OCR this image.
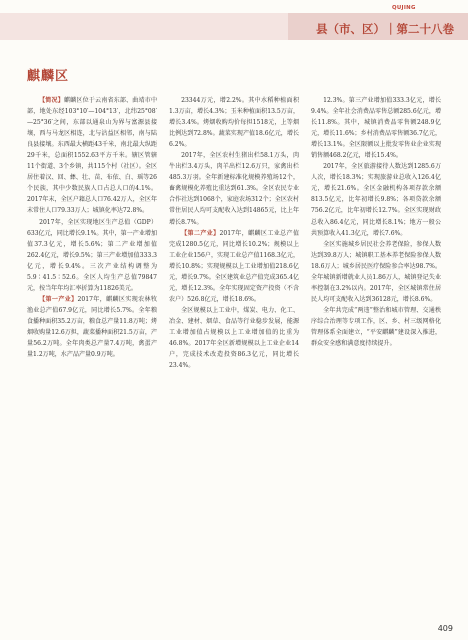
QUJING
县（市、区）｜第二十八卷
麒麟区

【简况】麒麟区位于云南省东部、曲靖市中部，地处东经103°10′—104°13′，北纬25°08′—25°36′之间，东部以通泉山为界与富源县接壤，西与马龙区相连，北与沾益区相邻，南与陆良县接壤。东西最大横距43千米，南北最大纵距29千米，总面积1552.63平方千米。辖区管辖11个街道、3个乡镇，共115个村（社区）。全区居住着汉、回、彝、壮、苗、布依、白、瑶等26个民族，其中少数民族人口占总人口的4.1%。2017年末，全区户籍总人口76.42万人，全区年末常住人口79.33万人；城镇化率达72.8%。

2017年，全区实现地区生产总值（GDP）633亿元，同比增长9.1%。其中，第一产业增加值37.3亿元，增长5.6%；第二产业增加值262.4亿元，增长9.5%；第三产业增加值333.3亿元，增长9.4%。三次产业结构调整为5.9∶41.5∶52.6。全区人均生产总值79847元，按当年年均汇率折算为11826美元。

【第一产业】2017年，麒麟区实现农林牧渔业总产值67.9亿元，同比增长5.7%。全年粮食播种面积35.2万亩，粮食总产量11.8万吨；烤烟收购量12.6万担，蔬菜播种面积21.5万亩，产量56.2万吨。全年肉类总产量7.4万吨，禽蛋产量1.2万吨，水产品产量0.9万吨。

23344万元，增2.2%。其中水稻种植面积1.3万亩，增长4.3%；玉米种植面积13.5万亩，增长3.4%。烤烟收购均价每担1518元，上等烟比例达到72.8%。蔬菜实现产值18.6亿元，增长6.2%。

2017年，全区农村生猪出栏58.1万头，肉牛出栏3.4万头，肉羊出栏12.6万只，家禽出栏485.3万羽。全年新建标准化规模养殖场12个，畜禽规模化养殖比重达到61.3%。全区农民专业合作社达到1068个，家庭农场312个；全区农村常住居民人均可支配收入达到14865元，比上年增长8.7%。

【第二产业】2017年，麒麟区工业总产值完成1280.5亿元，同比增长10.2%；规模以上工业企业156户，实现工业总产值1168.3亿元，增长10.8%；实现规模以上工业增加值218.6亿元，增长9.7%。全区建筑业总产值完成365.4亿元，增长12.3%。全年实现固定资产投资（不含农户）526.8亿元，增长18.6%。

全区规模以上工业中，煤炭、电力、化工、冶金、建材、烟草、食品等行业稳步发展，能源工业增加值占规模以上工业增加值的比重为46.8%。2017年全区新增规模以上工业企业14户，完成技术改造投资86.3亿元，同比增长23.4%。

12.3%。第三产业增加值333.3亿元，增长9.4%。全年社会消费品零售总额285.6亿元，增长11.8%。其中，城镇消费品零售额248.9亿元，增长11.6%；乡村消费品零售额36.7亿元，增长13.1%。全区限额以上批发零售业企业实现销售额468.2亿元，增长15.4%。

2017年，全区旅游接待人数达到1285.6万人次，增长18.3%；实现旅游业总收入126.4亿元，增长21.6%。全区金融机构各项存款余额813.5亿元，比年初增长9.8%；各项贷款余额756.2亿元，比年初增长12.7%。全区实现财政总收入86.4亿元，同比增长8.1%；地方一般公共预算收入41.3亿元，增长7.6%。

全区实施城乡居民社会养老保险，参保人数达到39.8万人；城镇职工基本养老保险参保人数18.6万人；城乡居民医疗保险参合率达98.7%。全年城镇新增就业人员1.86万人，城镇登记失业率控制在3.2%以内。2017年，全区城镇常住居民人均可支配收入达到36128元，增长8.6%。

全年共完成“两违”整治和城市管理、交通秩序综合治理等专项工作，区、乡、村三级网格化管理体系全面建立，“平安麒麟”建设深入推进，群众安全感和满意度持续提升。

409
